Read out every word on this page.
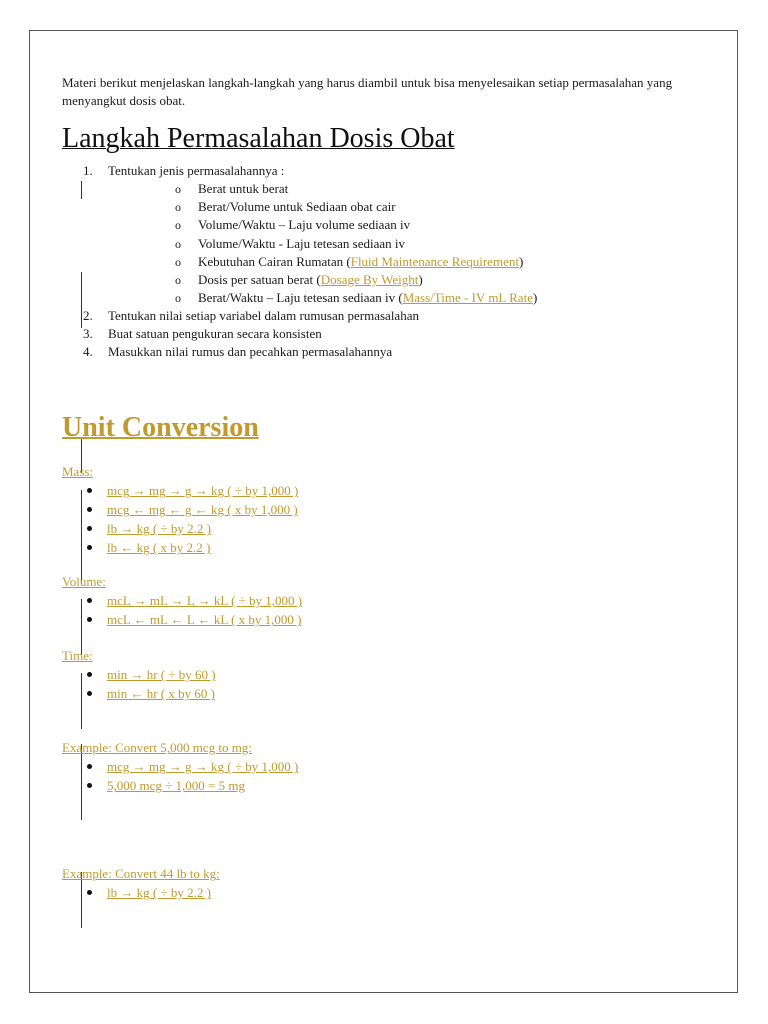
Materi berikut menjelaskan langkah-langkah yang harus diambil untuk bisa menyelesaikan setiap permasalahan yang menyangkut dosis obat.

Langkah Permasalahan Dosis Obat
1. Tentukan jenis permasalahannya :
o Berat untuk berat
o Berat/Volume untuk Sediaan obat cair
o Volume/Waktu – Laju volume sediaan iv
o Volume/Waktu - Laju tetesan sediaan iv
o Kebutuhan Cairan Rumatan (Fluid Maintenance Requirement)
o Dosis per satuan berat (Dosage By Weight)
o Berat/Waktu – Laju tetesan sediaan iv (Mass/Time - IV mL Rate)
2. Tentukan nilai setiap variabel dalam rumusan permasalahan
3. Buat satuan pengukuran secara konsisten
4. Masukkan nilai rumus dan pecahkan permasalahannya
Unit Conversion

Mass:

mcg → mg → g → kg ( ÷ by 1,000 )
mcg ← mg ← g ← kg ( x by 1,000 )
lb → kg ( ÷ by 2.2 )
lb ← kg ( x by 2.2 )

Volume:

mcL → mL → L → kL ( ÷ by 1,000 )
mcL ← mL ← L ← kL ( x by 1,000 )

Time:

min → hr ( ÷ by 60 )
min ← hr ( x by 60 )

Example: Convert 5,000 mcg to mg:

mcg → mg → g → kg ( ÷ by 1,000 )
5,000 mcg ÷ 1,000 = 5 mg

Example: Convert 44 lb to kg:

lb → kg ( ÷ by 2.2 )
